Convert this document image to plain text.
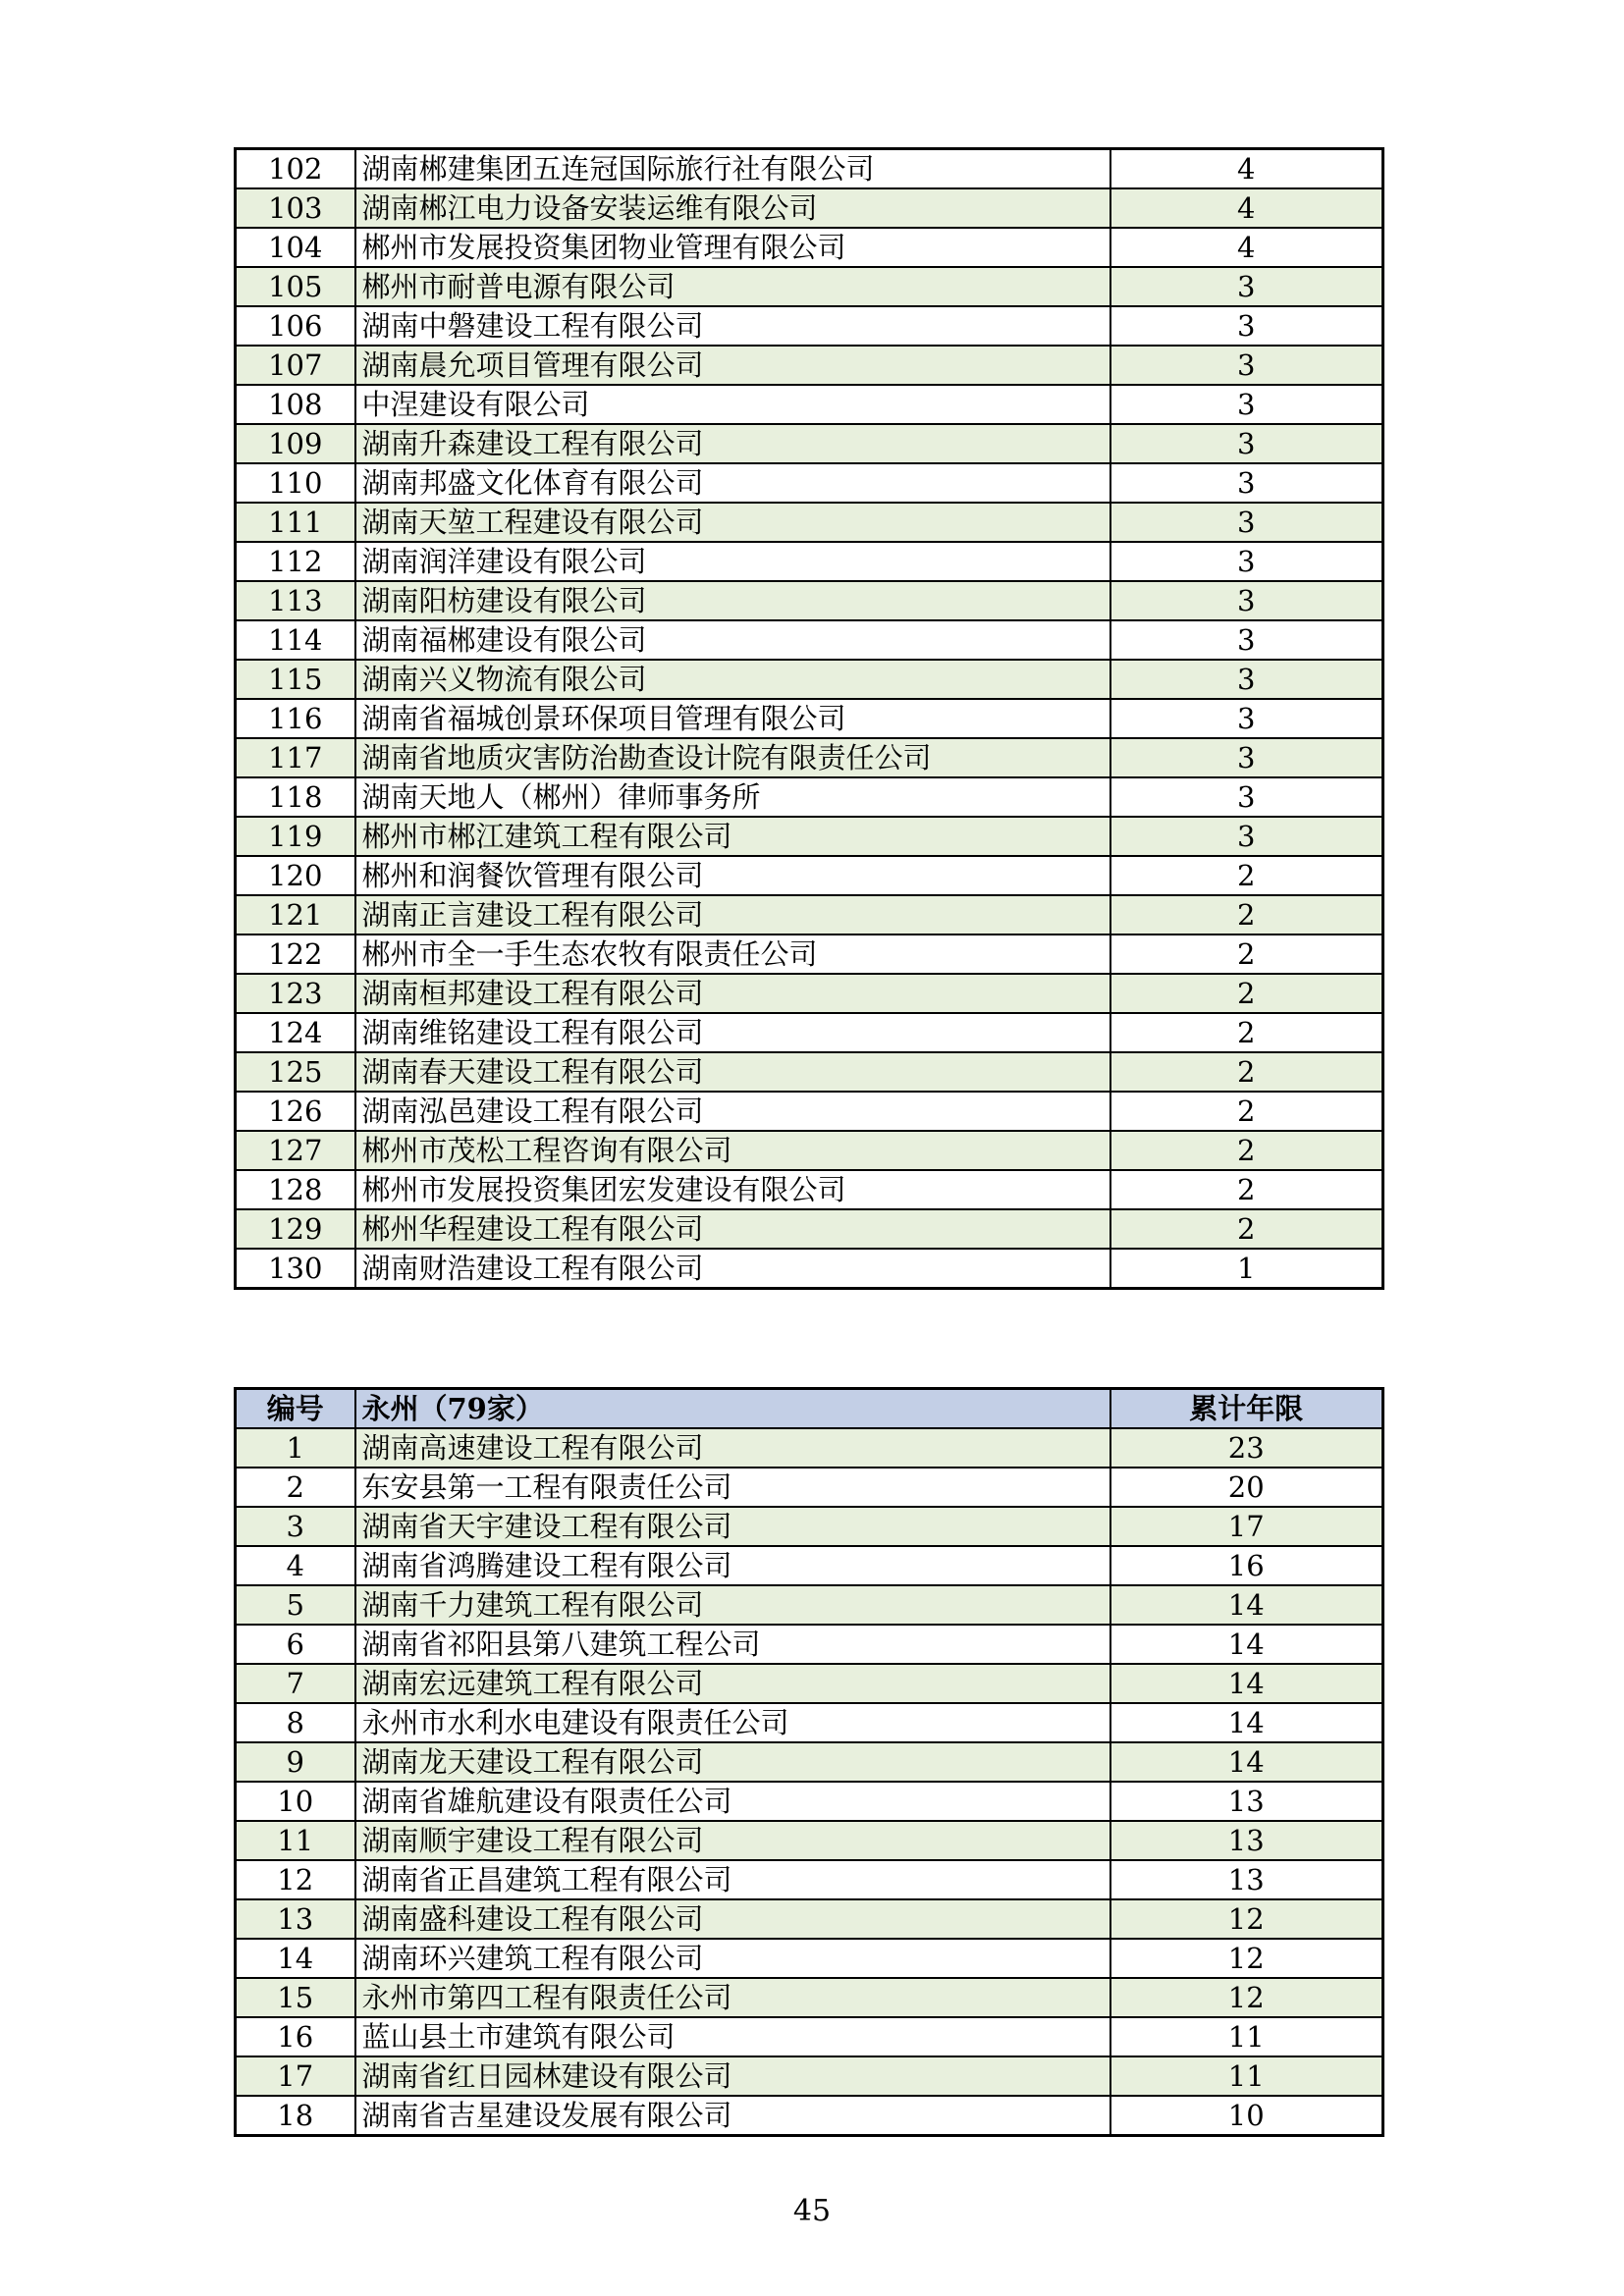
102	湖南郴建集团五连冠国际旅行社有限公司	4
103	湖南郴江电力设备安装运维有限公司	4
104	郴州市发展投资集团物业管理有限公司	4
105	郴州市耐普电源有限公司	3
106	湖南中磐建设工程有限公司	3
107	湖南晨允项目管理有限公司	3
108	中涅建设有限公司	3
109	湖南升森建设工程有限公司	3
110	湖南邦盛文化体育有限公司	3
111	湖南天堃工程建设有限公司	3
112	湖南润洋建设有限公司	3
113	湖南阳枋建设有限公司	3
114	湖南福郴建设有限公司	3
115	湖南兴义物流有限公司	3
116	湖南省福城创景环保项目管理有限公司	3
117	湖南省地质灾害防治勘查设计院有限责任公司	3
118	湖南天地人（郴州）律师事务所	3
119	郴州市郴江建筑工程有限公司	3
120	郴州和润餐饮管理有限公司	2
121	湖南正言建设工程有限公司	2
122	郴州市全一手生态农牧有限责任公司	2
123	湖南桓邦建设工程有限公司	2
124	湖南维铭建设工程有限公司	2
125	湖南春天建设工程有限公司	2
126	湖南泓邑建设工程有限公司	2
127	郴州市茂松工程咨询有限公司	2
128	郴州市发展投资集团宏发建设有限公司	2
129	郴州华程建设工程有限公司	2
130	湖南财浩建设工程有限公司	1
编号	永州（79家）	累计年限
1	湖南高速建设工程有限公司	23
2	东安县第一工程有限责任公司	20
3	湖南省天宇建设工程有限公司	17
4	湖南省鸿腾建设工程有限公司	16
5	湖南千力建筑工程有限公司	14
6	湖南省祁阳县第八建筑工程公司	14
7	湖南宏远建筑工程有限公司	14
8	永州市水利水电建设有限责任公司	14
9	湖南龙天建设工程有限公司	14
10	湖南省雄航建设有限责任公司	13
11	湖南顺宇建设工程有限公司	13
12	湖南省正昌建筑工程有限公司	13
13	湖南盛科建设工程有限公司	12
14	湖南环兴建筑工程有限公司	12
15	永州市第四工程有限责任公司	12
16	蓝山县土市建筑有限公司	11
17	湖南省红日园林建设有限公司	11
18	湖南省吉星建设发展有限公司	10
45
